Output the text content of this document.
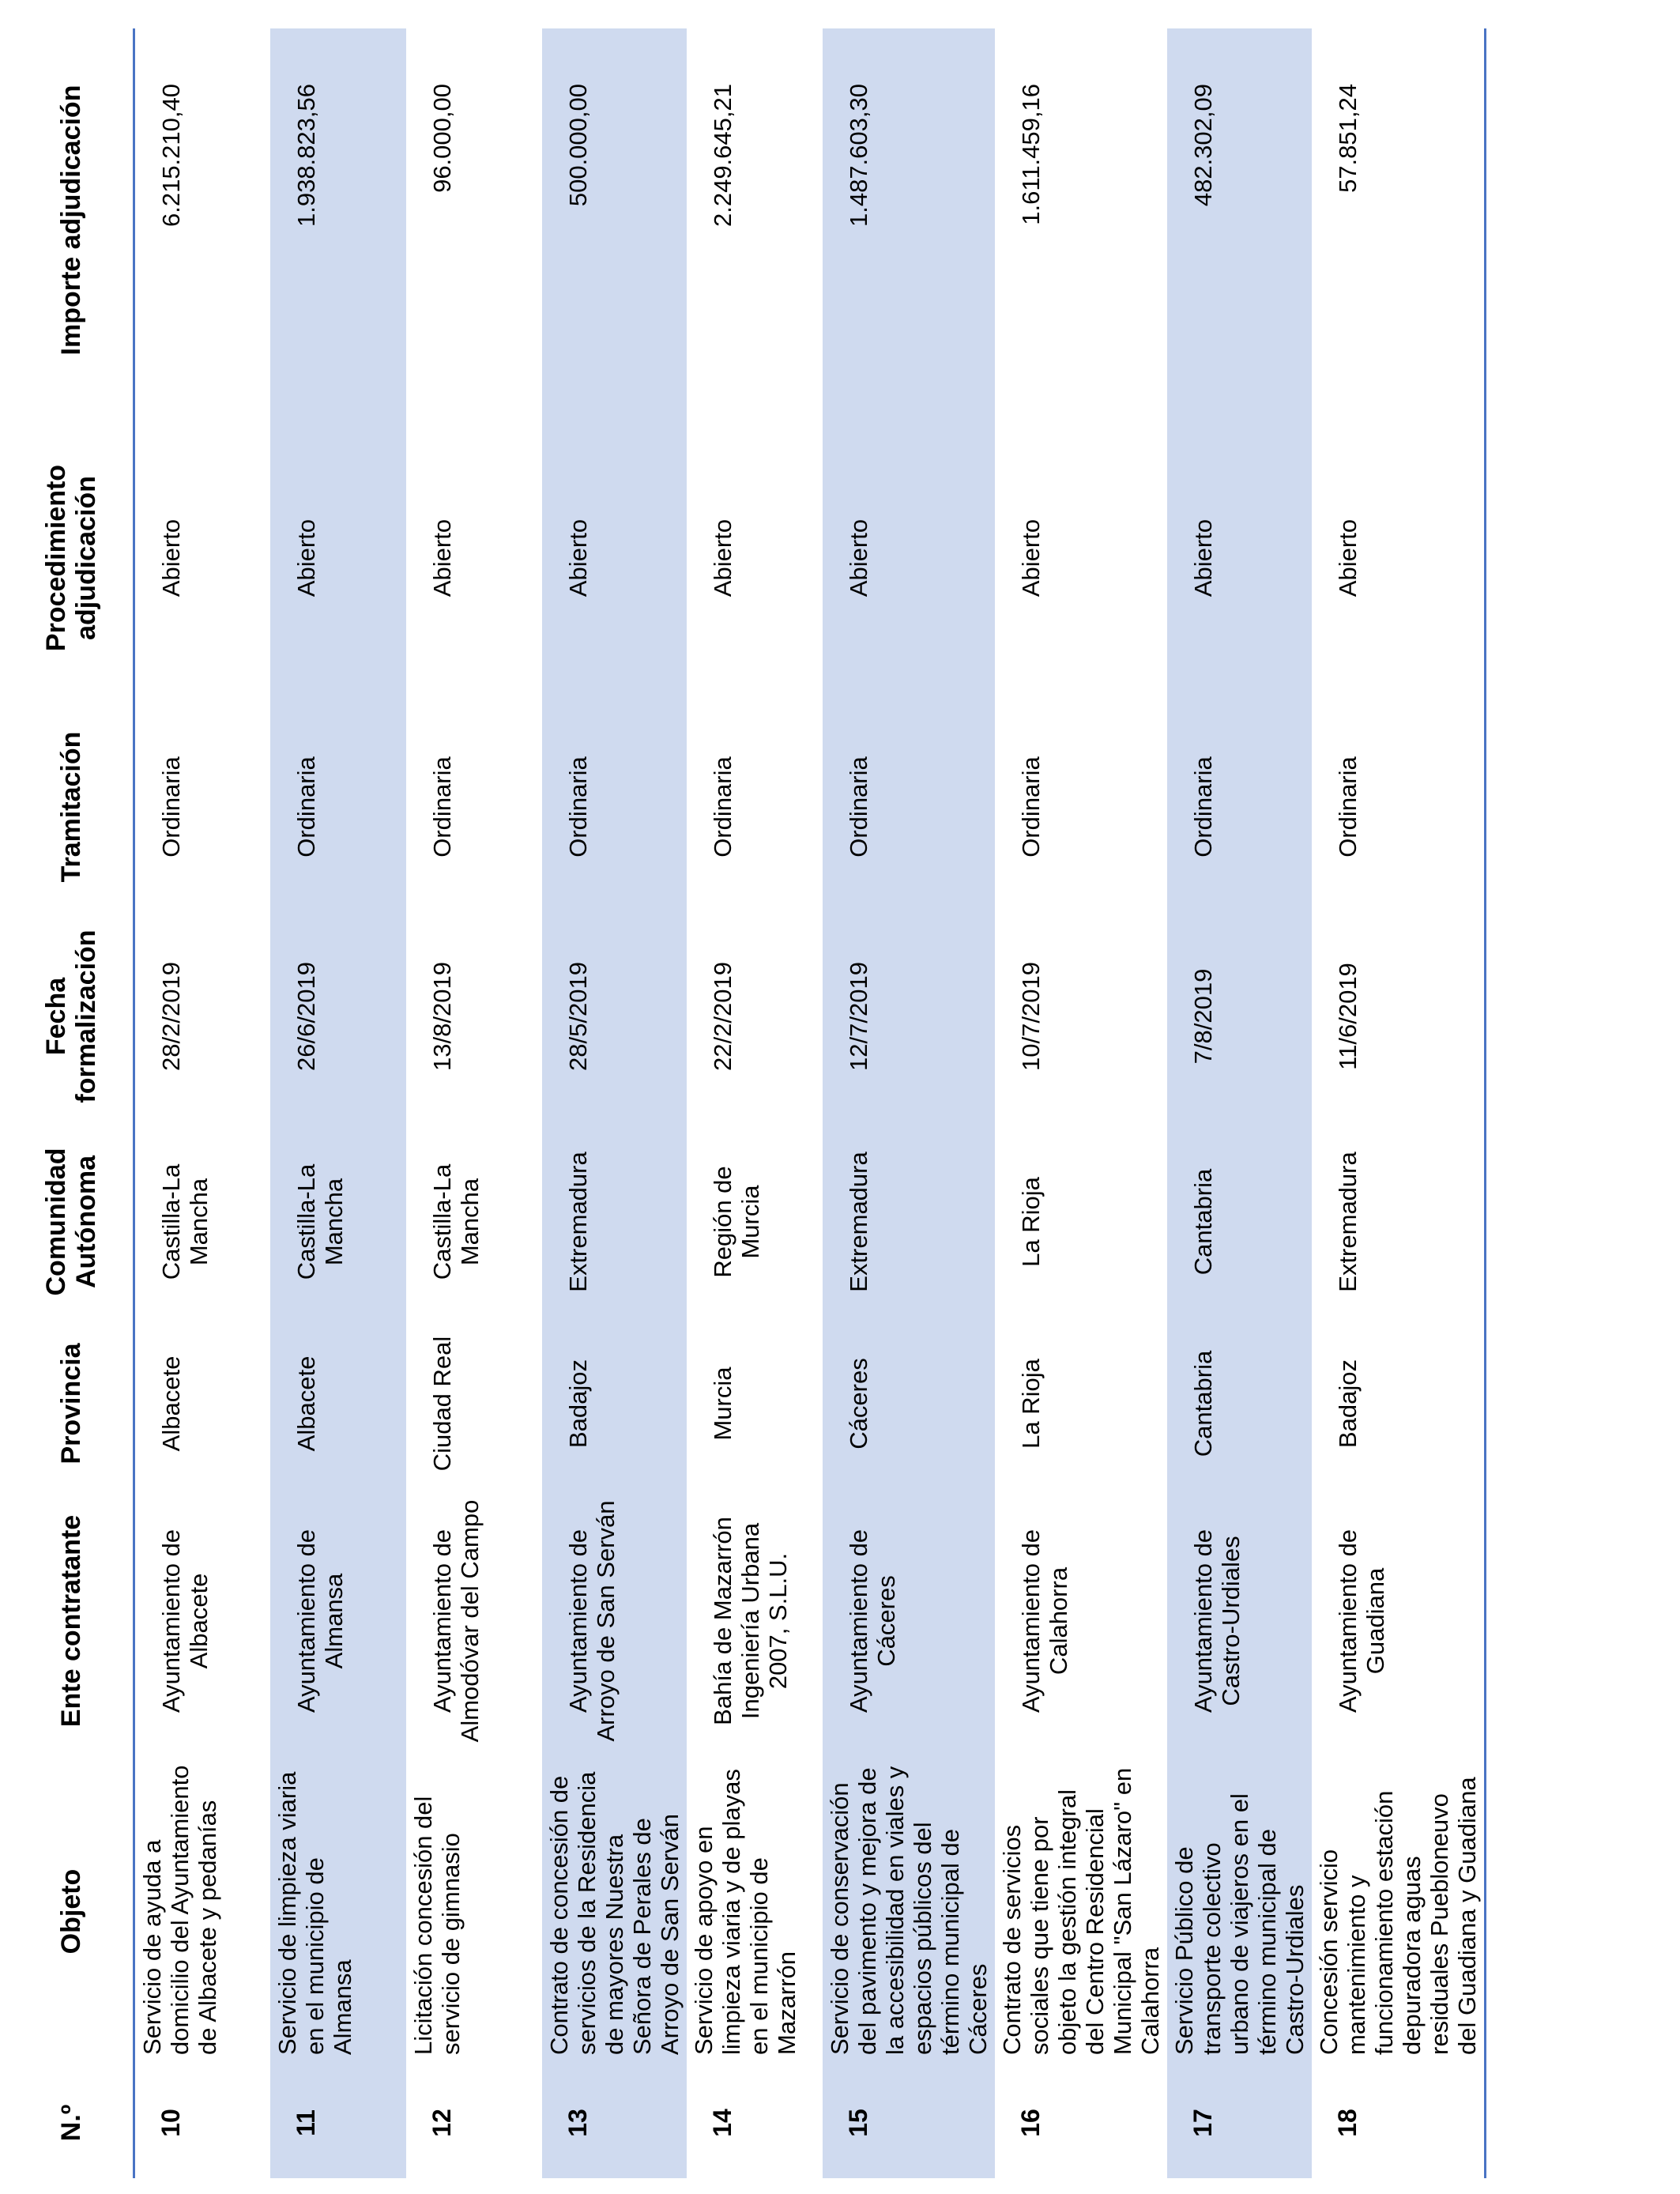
N.º	Objeto	Ente contratante	Provincia	Comunidad Autónoma	Fecha formalización	Tramitación	Procedimiento adjudicación	Importe adjudicación
10	Servicio de ayuda a domicilio del Ayuntamiento de Albacete y pedanías	Ayuntamiento de Albacete	Albacete	Castilla-La Mancha	28/2/2019	Ordinaria	Abierto	6.215.210,40
11	Servicio de limpieza viaria en el municipio de Almansa	Ayuntamiento de Almansa	Albacete	Castilla-La Mancha	26/6/2019	Ordinaria	Abierto	1.938.823,56
12	Licitación concesión del servicio de gimnasio	Ayuntamiento de Almodóvar del Campo	Ciudad Real	Castilla-La Mancha	13/8/2019	Ordinaria	Abierto	96.000,00
13	Contrato de concesión de servicios de la Residencia de mayores Nuestra Señora de Perales de Arroyo de San Serván	Ayuntamiento de Arroyo de San Serván	Badajoz	Extremadura	28/5/2019	Ordinaria	Abierto	500.000,00
14	Servicio de apoyo en limpieza viaria y de playas en el municipio de Mazarrón	Bahía de Mazarrón Ingeniería Urbana 2007, S.L.U.	Murcia	Región de Murcia	22/2/2019	Ordinaria	Abierto	2.249.645,21
15	Servicio de conservación del pavimento y mejora de la accesibilidad en viales y espacios públicos del término municipal de Cáceres	Ayuntamiento de Cáceres	Cáceres	Extremadura	12/7/2019	Ordinaria	Abierto	1.487.603,30
16	Contrato de servicios sociales que tiene por objeto la gestión integral del Centro Residencial Municipal "San Lázaro" en Calahorra	Ayuntamiento de Calahorra	La Rioja	La Rioja	10/7/2019	Ordinaria	Abierto	1.611.459,16
17	Servicio Público de transporte colectivo urbano de viajeros en el término municipal de Castro-Urdiales	Ayuntamiento de Castro-Urdiales	Cantabria	Cantabria	7/8/2019	Ordinaria	Abierto	482.302,09
18	Concesión servicio mantenimiento y funcionamiento estación depuradora aguas residuales Puebloneuvo del Guadiana y Guadiana	Ayuntamiento de Guadiana	Badajoz	Extremadura	11/6/2019	Ordinaria	Abierto	57.851,24
